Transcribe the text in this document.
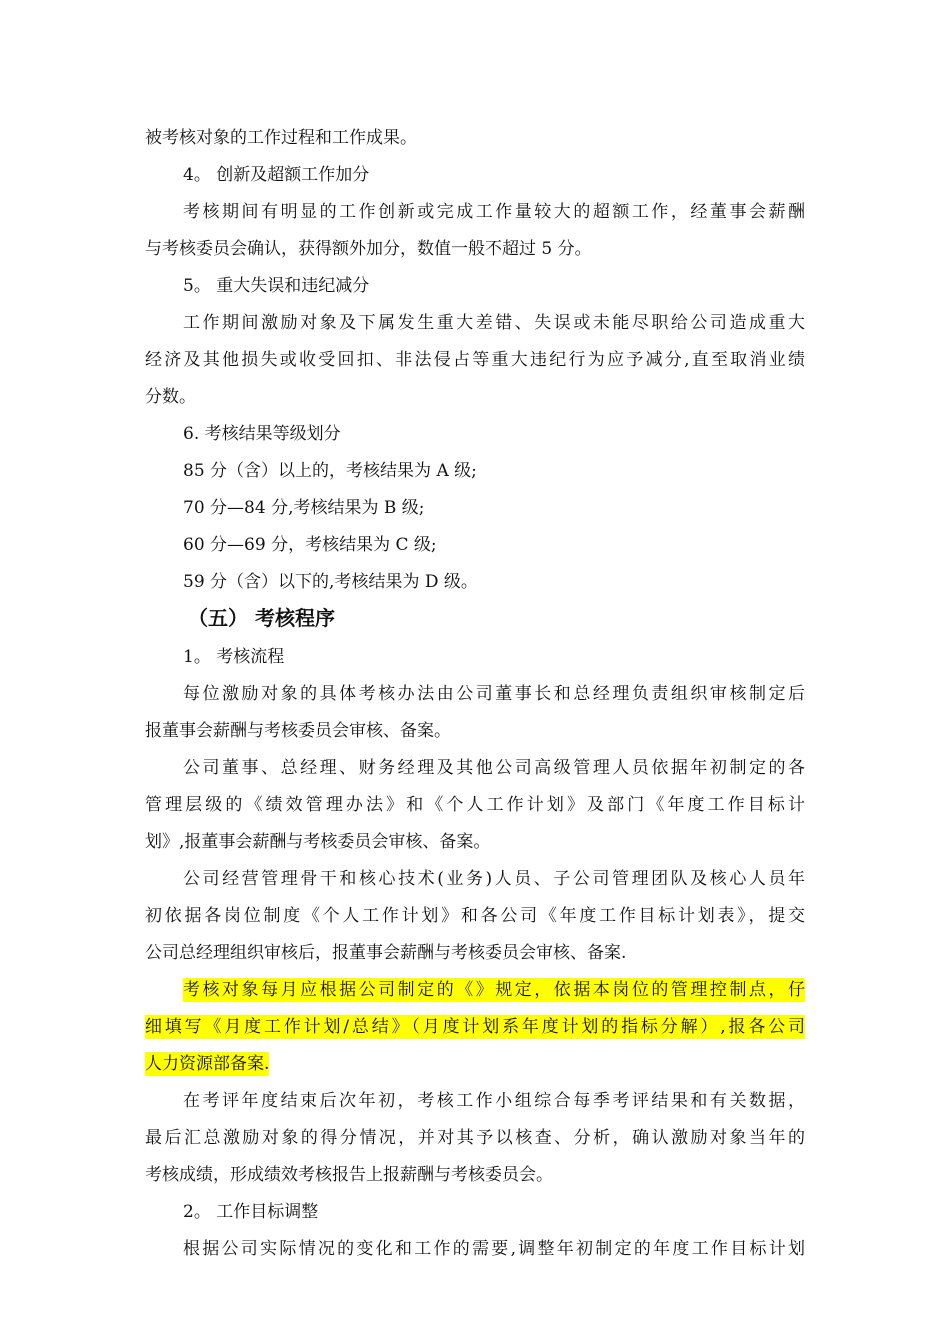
被考核对象的工作过程和工作成果。
4。 创新及超额工作加分
考核期间有明显的工作创新或完成工作量较大的超额工作，经董事会薪酬
与考核委员会确认，获得额外加分，数值一般不超过 5 分。
5。 重大失误和违纪减分
工作期间激励对象及下属发生重大差错、失误或未能尽职给公司造成重大
经济及其他损失或收受回扣、非法侵占等重大违纪行为应予减分,直至取消业绩
分数。
6. 考核结果等级划分
85 分（含）以上的，考核结果为 A 级;
70 分—84 分,考核结果为 B 级;
60 分—69 分，考核结果为 C 级;
59 分（含）以下的,考核结果为 D 级。
（五） 考核程序
1。 考核流程
每位激励对象的具体考核办法由公司董事长和总经理负责组织审核制定后
报董事会薪酬与考核委员会审核、备案。
公司董事、总经理、财务经理及其他公司高级管理人员依据年初制定的各
管理层级的《绩效管理办法》和《个人工作计划》及部门《年度工作目标计
划》,报董事会薪酬与考核委员会审核、备案。
公司经营管理骨干和核心技术(业务)人员、子公司管理团队及核心人员年
初依据各岗位制度《个人工作计划》和各公司《年度工作目标计划表》，提交
公司总经理组织审核后，报董事会薪酬与考核委员会审核、备案.
考核对象每月应根据公司制定的《》规定，依据本岗位的管理控制点，仔
细填写《月度工作计划/总结》（月度计划系年度计划的指标分解）,报各公司
人力资源部备案.
在考评年度结束后次年初，考核工作小组综合每季考评结果和有关数据，
最后汇总激励对象的得分情况，并对其予以核查、分析，确认激励对象当年的
考核成绩，形成绩效考核报告上报薪酬与考核委员会。
2。 工作目标调整
根据公司实际情况的变化和工作的需要,调整年初制定的年度工作目标计划
